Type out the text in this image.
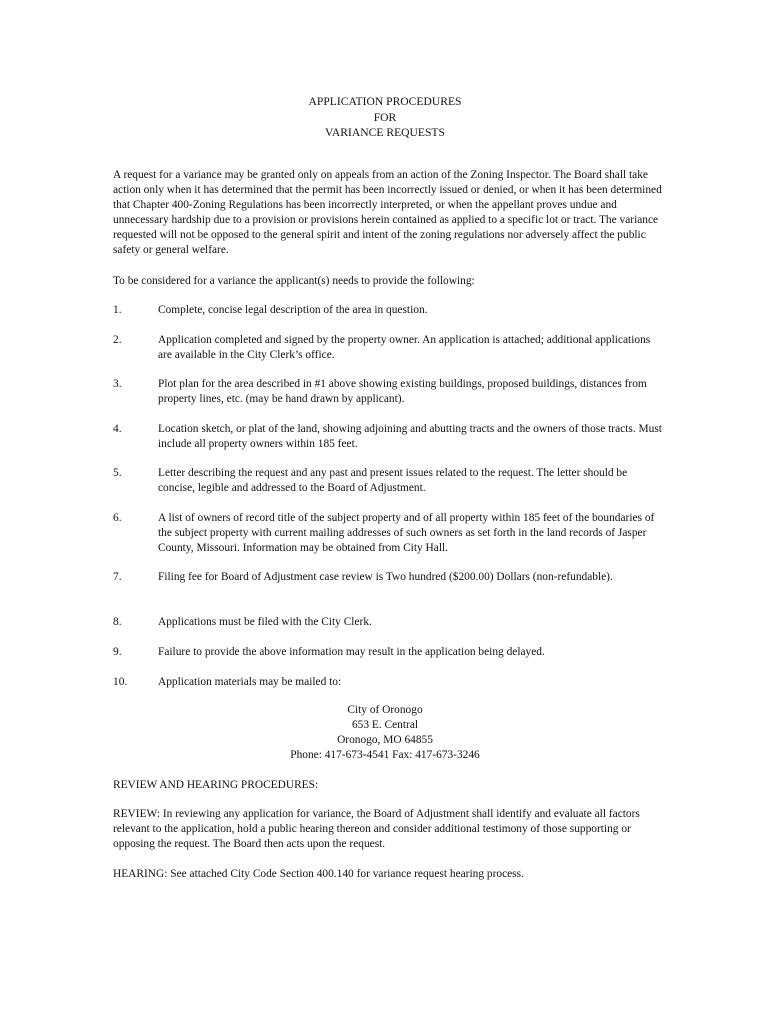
APPLICATION PROCEDURES
FOR
VARIANCE REQUESTS
A request for a variance may be granted only on appeals from an action of the Zoning Inspector. The Board shall take action only when it has determined that the permit has been incorrectly issued or denied, or when it has been determined that Chapter 400-Zoning Regulations has been incorrectly interpreted, or when the appellant proves undue and unnecessary hardship due to a provision or provisions herein contained as applied to a specific lot or tract. The variance requested will not be opposed to the general spirit and intent of the zoning regulations nor adversely affect the public safety or general welfare.
To be considered for a variance the applicant(s) needs to provide the following:
1.	Complete, concise legal description of the area in question.
2.	Application completed and signed by the property owner. An application is attached; additional applications are available in the City Clerk’s office.
3.	Plot plan for the area described in #1 above showing existing buildings, proposed buildings, distances from property lines, etc. (may be hand drawn by applicant).
4.	Location sketch, or plat of the land, showing adjoining and abutting tracts and the owners of those tracts. Must include all property owners within 185 feet.
5.	Letter describing the request and any past and present issues related to the request. The letter should be concise, legible and addressed to the Board of Adjustment.
6.	A list of owners of record title of the subject property and of all property within 185 feet of the boundaries of the subject property with current mailing addresses of such owners as set forth in the land records of Jasper County, Missouri. Information may be obtained from City Hall.
7.	Filing fee for Board of Adjustment case review is Two hundred ($200.00) Dollars (non-refundable).
8.	Applications must be filed with the City Clerk.
9.	Failure to provide the above information may result in the application being delayed.
10.	Application materials may be mailed to:
City of Oronogo
653 E. Central
Oronogo, MO 64855
Phone: 417-673-4541 Fax: 417-673-3246
REVIEW AND HEARING PROCEDURES:
REVIEW: In reviewing any application for variance, the Board of Adjustment shall identify and evaluate all factors relevant to the application, hold a public hearing thereon and consider additional testimony of those supporting or opposing the request. The Board then acts upon the request.
HEARING: See attached City Code Section 400.140 for variance request hearing process.
